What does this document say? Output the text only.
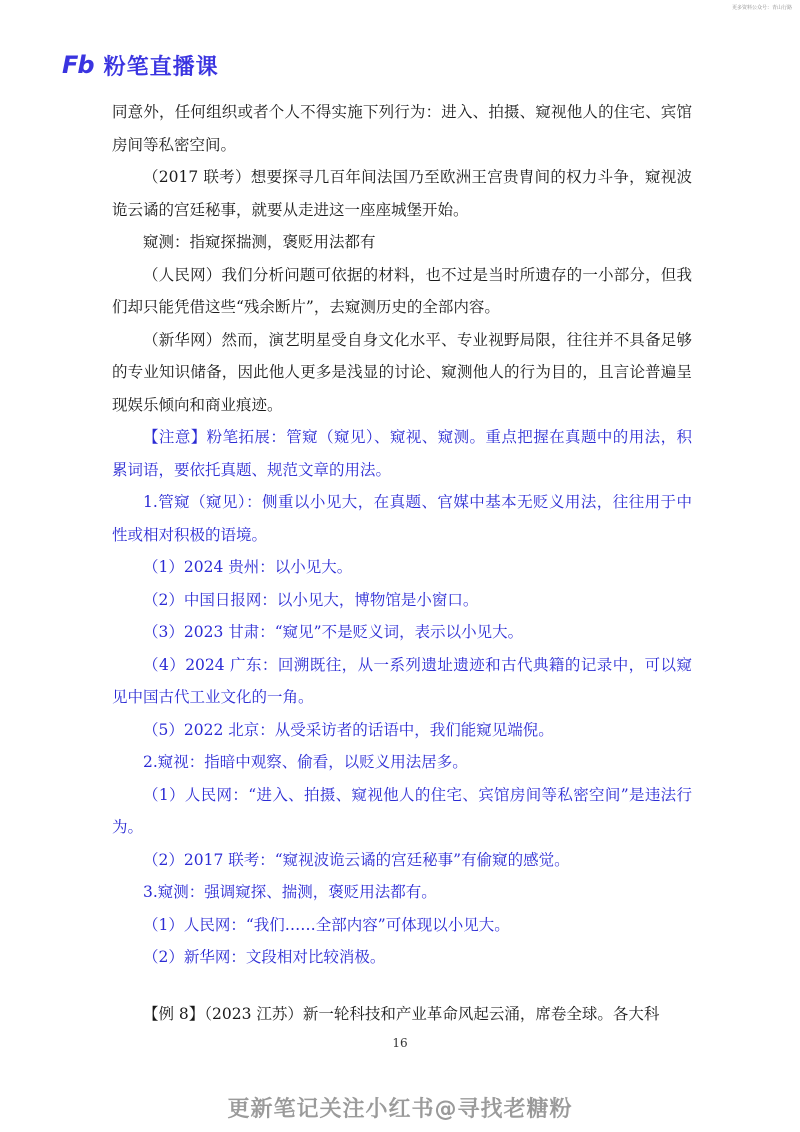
更多资料公众号：青山行路
Fb 粉笔直播课

同意外，任何组织或者个人不得实施下列行为：进入、拍摄、窥视他人的住宅、宾馆房间等私密空间。

（2017 联考）想要探寻几百年间法国乃至欧洲王宫贵胄间的权力斗争，窥视波诡云谲的宫廷秘事，就要从走进这一座座城堡开始。

窥测：指窥探揣测，褒贬用法都有

（人民网）我们分析问题可依据的材料，也不过是当时所遗存的一小部分，但我们却只能凭借这些“残余断片”，去窥测历史的全部内容。

（新华网）然而，演艺明星受自身文化水平、专业视野局限，往往并不具备足够的专业知识储备，因此他人更多是浅显的讨论、窥测他人的行为目的，且言论普遍呈现娱乐倾向和商业痕迹。

【注意】粉笔拓展：管窥（窥见）、窥视、窥测。重点把握在真题中的用法，积累词语，要依托真题、规范文章的用法。

1.管窥（窥见）：侧重以小见大，在真题、官媒中基本无贬义用法，往往用于中性或相对积极的语境。

（1）2024 贵州：以小见大。

（2）中国日报网：以小见大，博物馆是小窗口。

（3）2023 甘肃：“窥见”不是贬义词，表示以小见大。

（4）2024 广东：回溯既往，从一系列遗址遗迹和古代典籍的记录中，可以窥见中国古代工业文化的一角。

（5）2022 北京：从受采访者的话语中，我们能窥见端倪。

2.窥视：指暗中观察、偷看，以贬义用法居多。

（1）人民网：“进入、拍摄、窥视他人的住宅、宾馆房间等私密空间”是违法行为。

（2）2017 联考：“窥视波诡云谲的宫廷秘事”有偷窥的感觉。

3.窥测：强调窥探、揣测，褒贬用法都有。

（1）人民网：“我们……全部内容”可体现以小见大。

（2）新华网：文段相对比较消极。

【例 8】（2023 江苏）新一轮科技和产业革命风起云涌，席卷全球。各大科

16
更新笔记关注小红书@寻找老糖粉
